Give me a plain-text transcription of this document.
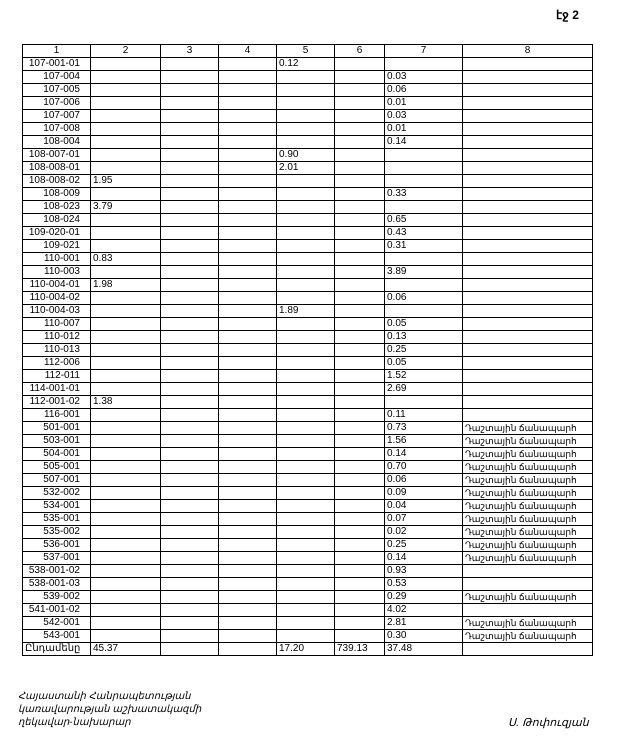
էջ 2
1	2	3	4	5	6	7	8
107-001-01				0.12			
107-004						0.03	
107-005						0.06	
107-006						0.01	
107-007						0.03	
107-008						0.01	
108-004						0.14	
108-007-01				0.90			
108-008-01				2.01			
108-008-02	1.95						
108-009						0.33	
108-023	3.79						
108-024						0.65	
109-020-01						0.43	
109-021						0.31	
110-001	0.83						
110-003						3.89	
110-004-01	1.98						
110-004-02						0.06	
110-004-03				1.89			
110-007						0.05	
110-012						0.13	
110-013						0.25	
112-006						0.05	
112-011						1.52	
114-001-01						2.69	
112-001-02	1.38						
116-001						0.11	
501-001						0.73	Դաշտային ճանապարհ
503-001						1.56	Դաշտային ճանապարհ
504-001						0.14	Դաշտային ճանապարհ
505-001						0.70	Դաշտային ճանապարհ
507-001						0.06	Դաշտային ճանապարհ
532-002						0.09	Դաշտային ճանապարհ
534-001						0.04	Դաշտային ճանապարհ
535-001						0.07	Դաշտային ճանապարհ
535-002						0.02	Դաշտային ճանապարհ
536-001						0.25	Դաշտային ճանապարհ
537-001						0.14	Դաշտային ճանապարհ
538-001-02						0.93	
538-001-03						0.53	
539-002						0.29	Դաշտային ճանապարհ
541-001-02						4.02	
542-001						2.81	Դաշտային ճանապարհ
543-001						0.30	Դաշտային ճանապարհ
Ընդամենը	45.37			17.20	739.13	37.48	
Հայաստանի Հանրապետության
կառավարության աշխատակազմի
ղեկավար-նախարար	Ս. Թոփուզյան
